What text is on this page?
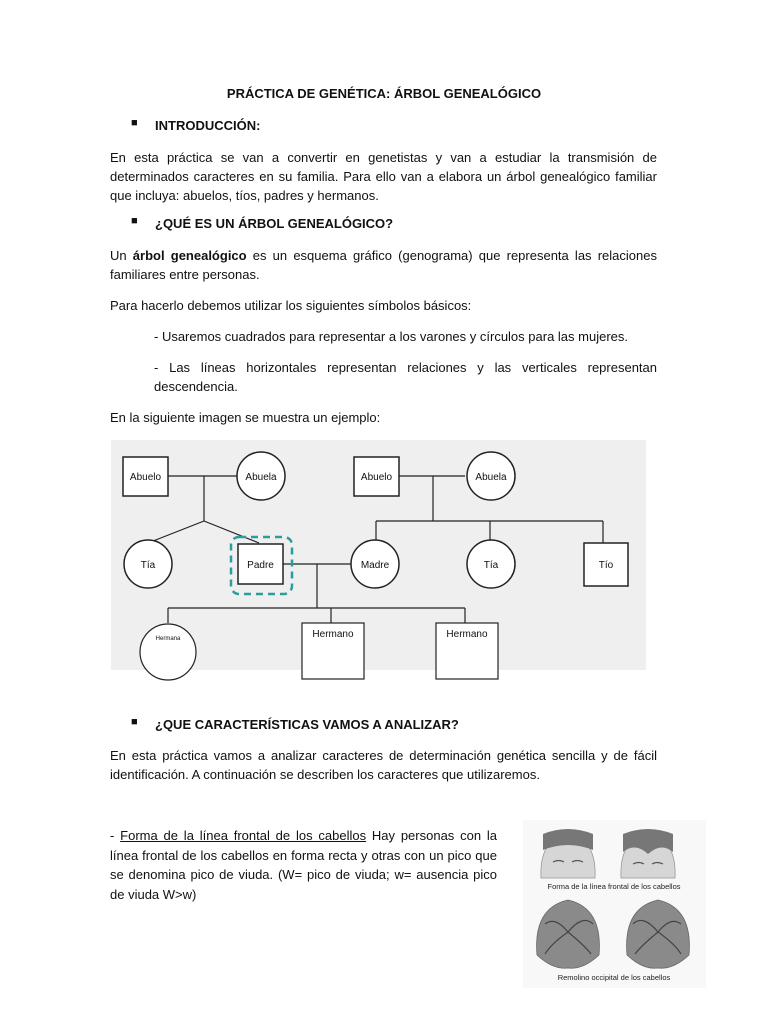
PRÁCTICA DE GENÉTICA: ÁRBOL GENEALÓGICO
■ INTRODUCCIÓN:
En esta práctica se van a convertir en genetistas y van a estudiar la transmisión de determinados caracteres en su familia. Para ello van a elabora un árbol genealógico familiar que incluya: abuelos, tíos, padres y hermanos.
■ ¿QUÉ ES UN ÁRBOL GENEALÓGICO?
Un árbol genealógico es un esquema gráfico (genograma) que representa las relaciones familiares entre personas.
Para hacerlo debemos utilizar los siguientes símbolos básicos:
- Usaremos cuadrados para representar a los varones y círculos para las mujeres.
- Las líneas horizontales representan relaciones y las verticales representan descendencia.
En la siguiente imagen se muestra un ejemplo:
Abuelo	Abuela	Abuelo	Abuela
Tía	Padre	Madre	Tía	Tío
Hermana	Hermano	Hermano
■ ¿QUE CARACTERÍSTICAS VAMOS A ANALIZAR?
En esta práctica vamos a analizar caracteres de determinación genética sencilla y de fácil identificación. A continuación se describen los caracteres que utilizaremos.
- Forma de la línea frontal de los cabellos Hay personas con la línea frontal de los cabellos en forma recta y otras con un pico que se denomina pico de viuda. (W= pico de viuda; w= ausencia pico de viuda W>w)	Forma de la línea frontal de los cabellos
Remolino occipital de los cabellos
